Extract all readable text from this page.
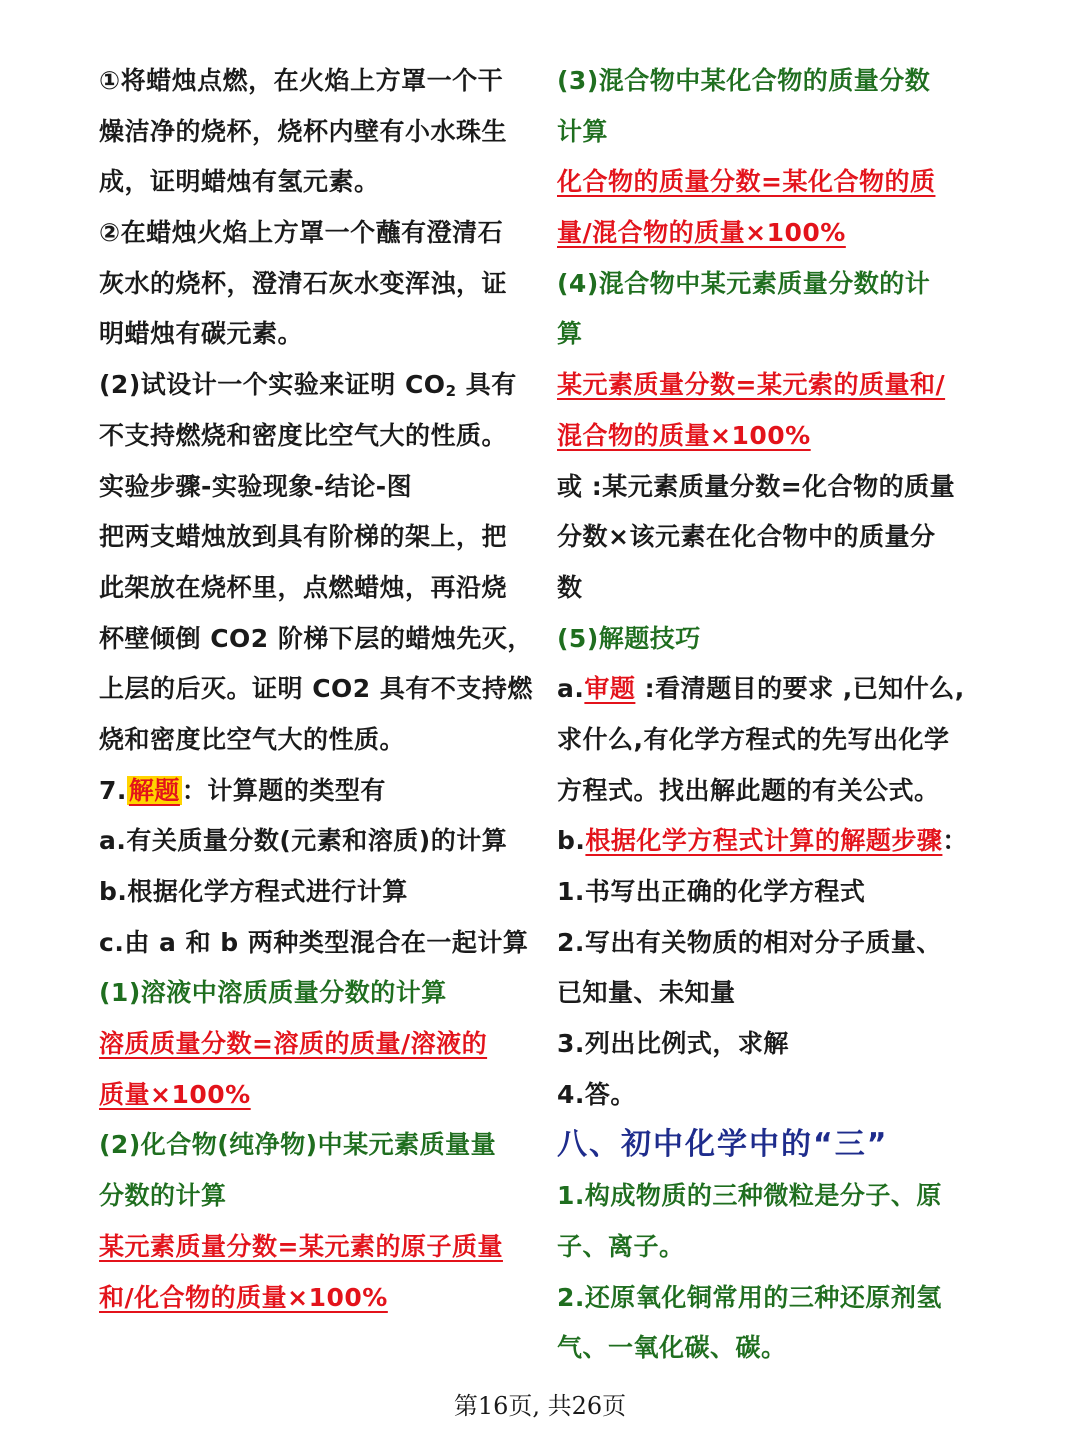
①将蜡烛点燃，在火焰上方罩一个干
燥洁净的烧杯，烧杯内壁有小水珠生
成，证明蜡烛有氢元素。
②在蜡烛火焰上方罩一个蘸有澄清石
灰水的烧杯，澄清石灰水变浑浊，证
明蜡烛有碳元素。
(2)试设计一个实验来证明 $CO_2$ 具有
不支持燃烧和密度比空气大的性质。
实验步骤-实验现象-结论-图
把两支蜡烛放到具有阶梯的架上，把
此架放在烧杯里，点燃蜡烛，再沿烧
杯壁倾倒 CO2 阶梯下层的蜡烛先灭，
上层的后灭。证明 CO2 具有不支持燃
烧和密度比空气大的性质。
7.解题：计算题的类型有
a.有关质量分数(元素和溶质)的计算
b.根据化学方程式进行计算
c.由 a 和 b 两种类型混合在一起计算
(1)溶液中溶质质量分数的计算
溶质质量分数=溶质的质量/溶液的
质量×100%
(2)化合物(纯净物)中某元素质量量
分数的计算
某元素质量分数=某元素的原子质量
和/化合物的质量×100%
(3)混合物中某化合物的质量分数
计算
化合物的质量分数=某化合物的质
量/混合物的质量×100%
(4)混合物中某元素质量分数的计
算
某元素质量分数=某元索的质量和/
混合物的质量×100%
或 :某元素质量分数=化合物的质量
分数×该元素在化合物中的质量分
数
(5)解题技巧
a.审题 :看清题目的要求 ,已知什么,
求什么,有化学方程式的先写出化学
方程式。找出解此题的有关公式。
b.根据化学方程式计算的解题步骤：
1.书写出正确的化学方程式
2.写出有关物质的相对分子质量、
已知量、未知量
3.列出比例式，求解
4.答。
八、初中化学中的“三”
1.构成物质的三种微粒是分子、原
子、离子。
2.还原氧化铜常用的三种还原剂氢
气、一氧化碳、碳。
第16页, 共26页
